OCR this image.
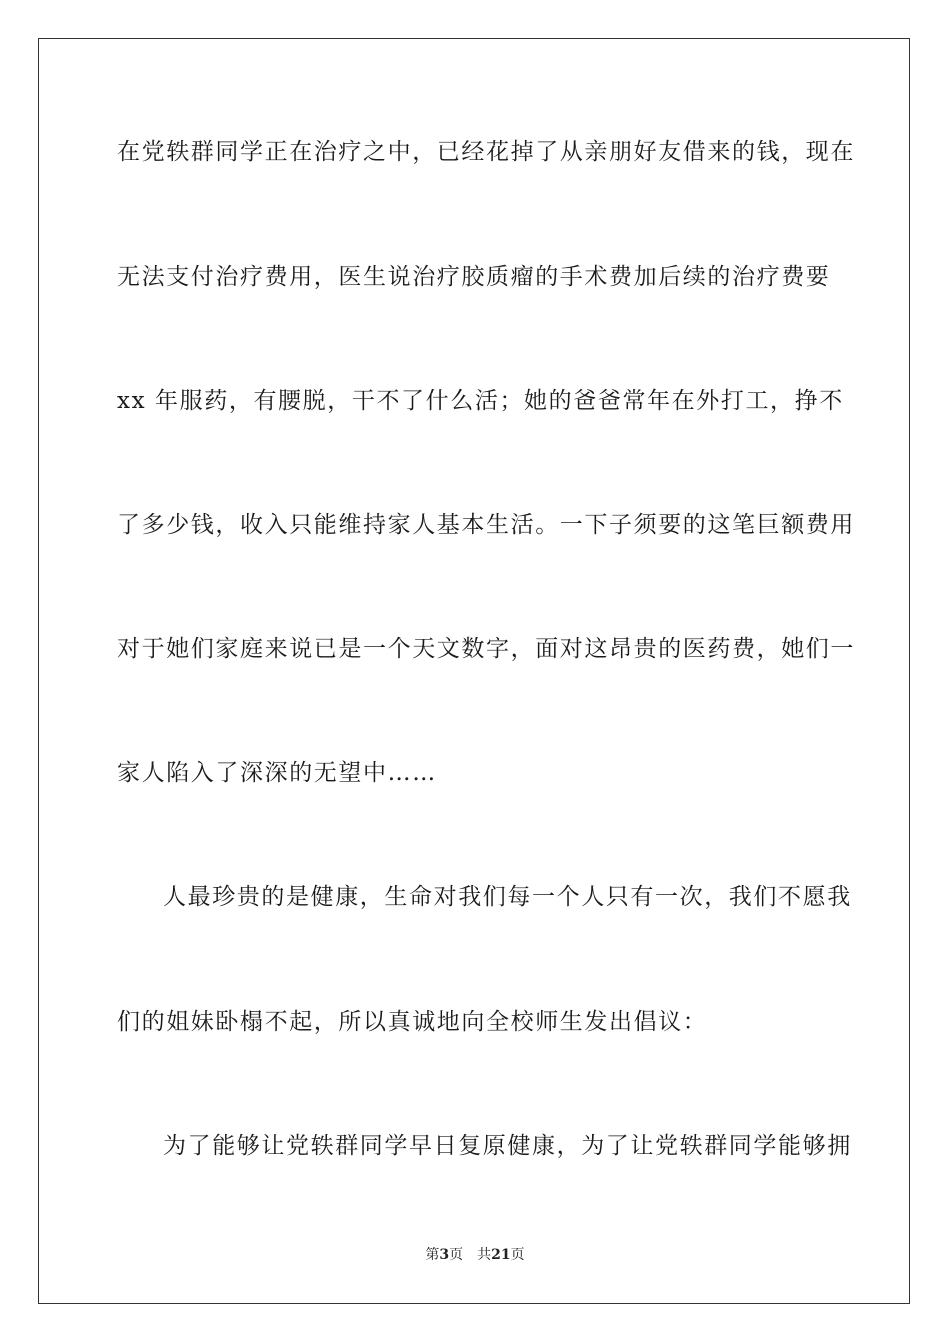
在党轶群同学正在治疗之中，已经花掉了从亲朋好友借来的钱，现在
无法支付治疗费用，医生说治疗胶质瘤的手术费加后续的治疗费要
xx 年服药，有腰脱，干不了什么活；她的爸爸常年在外打工，挣不
了多少钱，收入只能维持家人基本生活。一下子须要的这笔巨额费用
对于她们家庭来说已是一个天文数字，面对这昂贵的医药费，她们一
家人陷入了深深的无望中……
人最珍贵的是健康，生命对我们每一个人只有一次，我们不愿我
们的姐妹卧榻不起，所以真诚地向全校师生发出倡议：
为了能够让党轶群同学早日复原健康，为了让党轶群同学能够拥
第3页 共21页
